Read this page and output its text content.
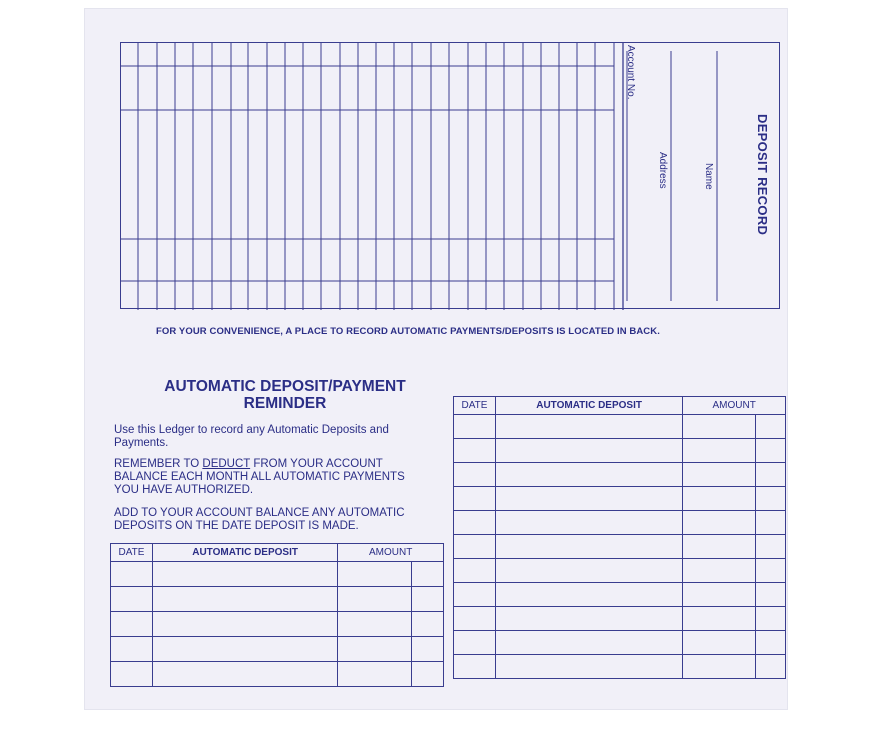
DEPOSIT RECORD
Name
Address
Account No.
FOR YOUR CONVENIENCE, A PLACE TO RECORD AUTOMATIC PAYMENTS/DEPOSITS IS LOCATED IN BACK.
AUTOMATIC DEPOSIT/PAYMENT
REMINDER
Use this Ledger to record any Automatic Deposits and
Payments.
REMEMBER TO DEDUCT FROM YOUR ACCOUNT
BALANCE EACH MONTH ALL AUTOMATIC PAYMENTS
YOU HAVE AUTHORIZED.
ADD TO YOUR ACCOUNT BALANCE ANY AUTOMATIC
DEPOSITS ON THE DATE DEPOSIT IS MADE.
DATE	AUTOMATIC DEPOSIT	AMOUNT	

DATE	AUTOMATIC DEPOSIT	AMOUNT	
